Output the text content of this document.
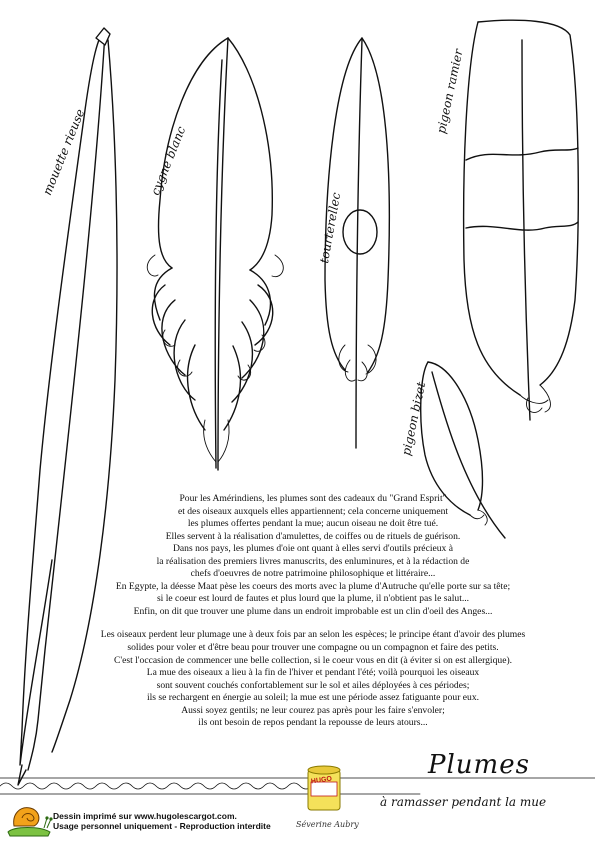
mouette rieuse	cygne blanc
tourterellec
pigeon ramier
pigeon bizet
Pour les Amérindiens, les plumes sont des cadeaux du "Grand Esprit"
et des oiseaux auxquels elles appartiennent; cela concerne uniquement
les plumes offertes pendant la mue; aucun oiseau ne doit être tué.
Elles servent à la réalisation d'amulettes, de coiffes ou de rituels de guérison.
Dans nos pays, les plumes d'oie ont quant à elles servi d'outils précieux à
la réalisation des premiers livres manuscrits, des enluminures, et à la rédaction de
chefs d'oeuvres de notre patrimoine philosophique et littéraire...
En Egypte, la déesse Maat pèse les coeurs des morts avec la plume d'Autruche qu'elle porte sur sa tête;
si le coeur est lourd de fautes et plus lourd que la plume, il n'obtient pas le salut...
Enfin, on dit que trouver une plume dans un endroit improbable est un clin d'oeil des Anges...
Les oiseaux perdent leur plumage une à deux fois par an selon les espèces; le principe étant d'avoir des plumes
solides pour voler et d'être beau pour trouver une compagne ou un compagnon et faire des petits.
C'est l'occasion de commencer une belle collection, si le coeur vous en dit (à éviter si on est allergique).
La mue des oiseaux a lieu à la fin de l'hiver et pendant l'été; voilà pourquoi les oiseaux
sont souvent couchés confortablement sur le sol et ailes déployées à ces périodes;
ils se rechargent en énergie au soleil; la mue est une période assez fatiguante pour eux.
Aussi soyez gentils; ne leur courez pas après pour les faire s'envoler;
ils ont besoin de repos pendant la repousse de leurs atours...
Plumes
à ramasser pendant la mue
HUGO
Séverine Aubry
Dessin imprimé sur www.hugolescargot.com.
Usage personnel uniquement - Reproduction interdite
